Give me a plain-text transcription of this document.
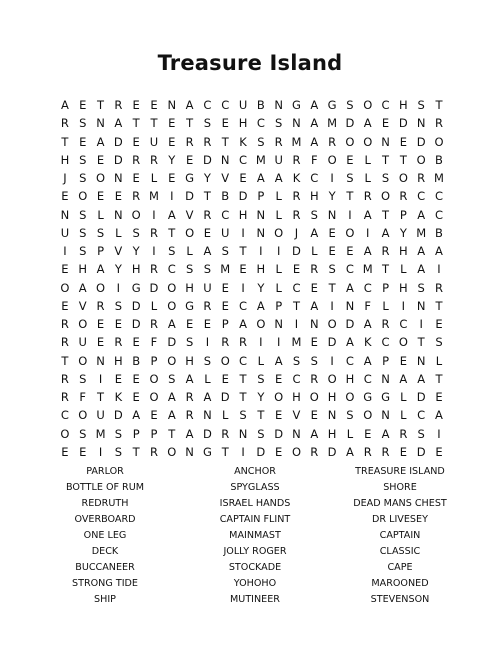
Treasure Island
A E T R E E N A C C U B N G A G S O C H S T
R S N A T T E T S E H C S N A M D A E D N R
T E A D E U E R R T K S R M A R O O N E D O
H S E D R R Y E D N C M U R F O E L T T O B
J	S O N E L E G Y V E A A K C	I	S L S O R M
E O E E R M I	D T B D P L R H Y T R O R C C
N S L N O	I	A V R C H N L R S N	I	A T P A C
U S S L S R T O E U	I	N O	J	A E O	I	A Y M B
I	S P V Y	I	S L A S T	I	I	D L E E A R H A A
E H A Y H R C S S M E H L E R S C M T L A	I
O A O	I	G D O H U E	I	Y L C E T A C P H S R
E V R S D L O G R E C A P T A	I	N F L	I	N T
R O E E D R A E E P A O N	I	N O D A R C	I	E
R U E R E F D S	I	R R	I	I M E D A K C O T S
T O N H B P O H S O C L A S S	I	C A P E N L
R S	I	E E O S A L E T S E C R O H C N A A T
R F T K E O A R A D T Y O H O H O G G L D E
C O U D A E A R N L S T E V E N S O N L C A
O S M S P P T A D R N S D N A H L E A R S	I
E E	I	S T R O N G T	I	D E O R D A R R E D E
PARLOR	ANCHOR	TREASURE ISLAND
BOTTLE OF RUM	SPYGLASS	SHORE
REDRUTH	ISRAEL HANDS	DEAD MANS CHEST
OVERBOARD	CAPTAIN FLINT	DR LIVESEY
ONE LEG	MAINMAST	CAPTAIN
DECK	JOLLY ROGER	CLASSIC
BUCCANEER	STOCKADE	CAPE
STRONG TIDE	YOHOHO	MAROONED
SHIP	MUTINEER	STEVENSON
